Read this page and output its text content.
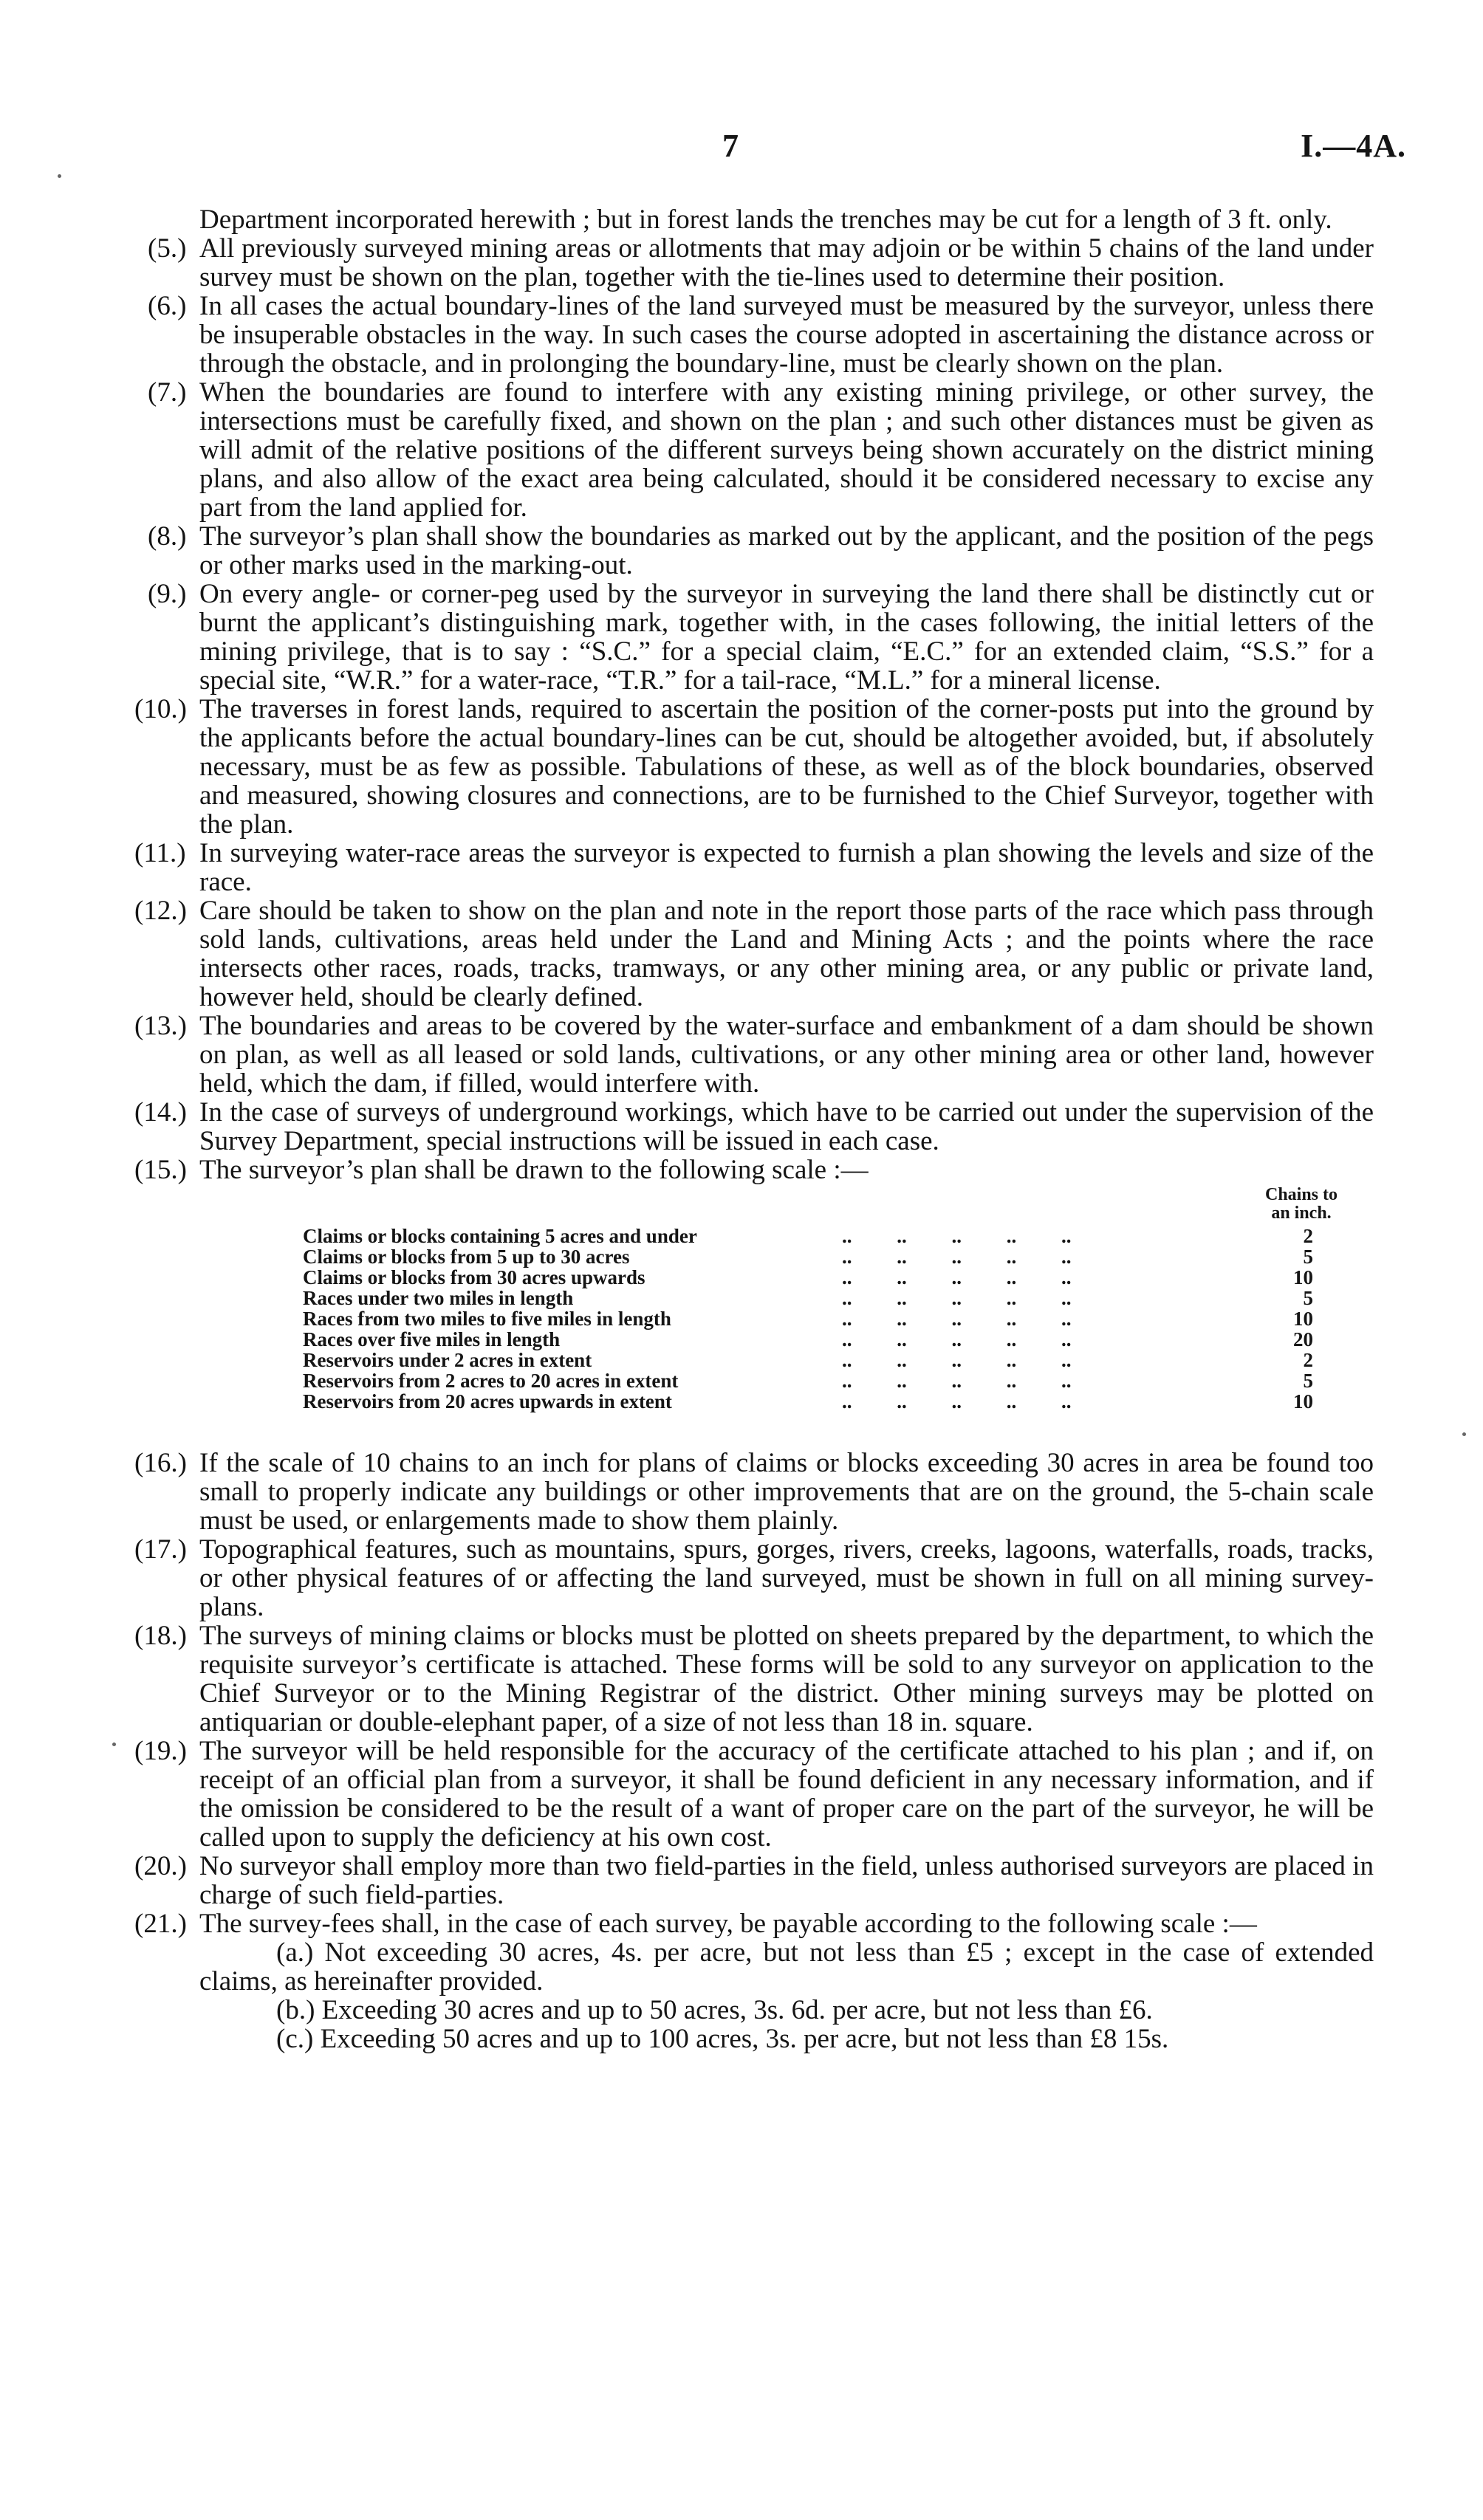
7	I.—4A.
Department incorporated herewith ; but in forest lands the trenches may be cut for a length of 3 ft. only.
(5.) All previously surveyed mining areas or allotments that may adjoin or be within 5 chains of the land under survey must be shown on the plan, together with the tie-lines used to determine their position.
(6.) In all cases the actual boundary-lines of the land surveyed must be measured by the surveyor, unless there be insuperable obstacles in the way. In such cases the course adopted in ascertaining the distance across or through the obstacle, and in prolonging the boundary-line, must be clearly shown on the plan.
(7.) When the boundaries are found to interfere with any existing mining privilege, or other survey, the intersections must be carefully fixed, and shown on the plan ; and such other distances must be given as will admit of the relative positions of the different surveys being shown accurately on the district mining plans, and also allow of the exact area being calculated, should it be considered necessary to excise any part from the land applied for.
(8.) The surveyor’s plan shall show the boundaries as marked out by the applicant, and the position of the pegs or other marks used in the marking-out.
(9.) On every angle- or corner-peg used by the surveyor in surveying the land there shall be distinctly cut or burnt the applicant’s distinguishing mark, together with, in the cases following, the initial letters of the mining privilege, that is to say : “S.C.” for a special claim, “E.C.” for an extended claim, “S.S.” for a special site, “W.R.” for a water-race, “T.R.” for a tail-race, “M.L.” for a mineral license.
(10.) The traverses in forest lands, required to ascertain the position of the corner-posts put into the ground by the applicants before the actual boundary-lines can be cut, should be altogether avoided, but, if absolutely necessary, must be as few as possible. Tabulations of these, as well as of the block boundaries, observed and measured, showing closures and connections, are to be furnished to the Chief Surveyor, together with the plan.
(11.) In surveying water-race areas the surveyor is expected to furnish a plan showing the levels and size of the race.
(12.) Care should be taken to show on the plan and note in the report those parts of the race which pass through sold lands, cultivations, areas held under the Land and Mining Acts ; and the points where the race intersects other races, roads, tracks, tramways, or any other mining area, or any public or private land, however held, should be clearly defined.
(13.) The boundaries and areas to be covered by the water-surface and embankment of a dam should be shown on plan, as well as all leased or sold lands, cultivations, or any other mining area or other land, however held, which the dam, if filled, would interfere with.
(14.) In the case of surveys of underground workings, which have to be carried out under the supervision of the Survey Department, special instructions will be issued in each case.
(15.) The surveyor’s plan shall be drawn to the following scale :—
Chains to
an inch.
Claims or blocks containing 5 acres and under	..         ..         ..         ..         ..	2
Claims or blocks from 5 up to 30 acres	..         ..         ..         ..         ..	5
Claims or blocks from 30 acres upwards	..         ..         ..         ..         ..	10
Races under two miles in length	..         ..         ..         ..         ..	5
Races from two miles to five miles in length	..         ..         ..         ..         ..	10
Races over five miles in length	..         ..         ..         ..         ..	20
Reservoirs under 2 acres in extent	..         ..         ..         ..         ..	2
Reservoirs from 2 acres to 20 acres in extent	..         ..         ..         ..         ..	5
Reservoirs from 20 acres upwards in extent	..         ..         ..         ..         ..	10
(16.) If the scale of 10 chains to an inch for plans of claims or blocks exceeding 30 acres in area be found too small to properly indicate any buildings or other improvements that are on the ground, the 5-chain scale must be used, or enlargements made to show them plainly.
(17.) Topographical features, such as mountains, spurs, gorges, rivers, creeks, lagoons, waterfalls, roads, tracks, or other physical features of or affecting the land surveyed, must be shown in full on all mining survey-plans.
(18.) The surveys of mining claims or blocks must be plotted on sheets prepared by the department, to which the requisite surveyor’s certificate is attached. These forms will be sold to any surveyor on application to the Chief Surveyor or to the Mining Registrar of the district. Other mining surveys may be plotted on antiquarian or double-elephant paper, of a size of not less than 18 in. square.
(19.) The surveyor will be held responsible for the accuracy of the certificate attached to his plan ; and if, on receipt of an official plan from a surveyor, it shall be found deficient in any necessary information, and if the omission be considered to be the result of a want of proper care on the part of the surveyor, he will be called upon to supply the deficiency at his own cost.
(20.) No surveyor shall employ more than two field-parties in the field, unless authorised surveyors are placed in charge of such field-parties.
(21.) The survey-fees shall, in the case of each survey, be payable according to the following scale :—
(a.) Not exceeding 30 acres, 4s. per acre, but not less than £5 ; except in the case of extended claims, as hereinafter provided.
(b.) Exceeding 30 acres and up to 50 acres, 3s. 6d. per acre, but not less than £6.
(c.) Exceeding 50 acres and up to 100 acres, 3s. per acre, but not less than £8 15s.
